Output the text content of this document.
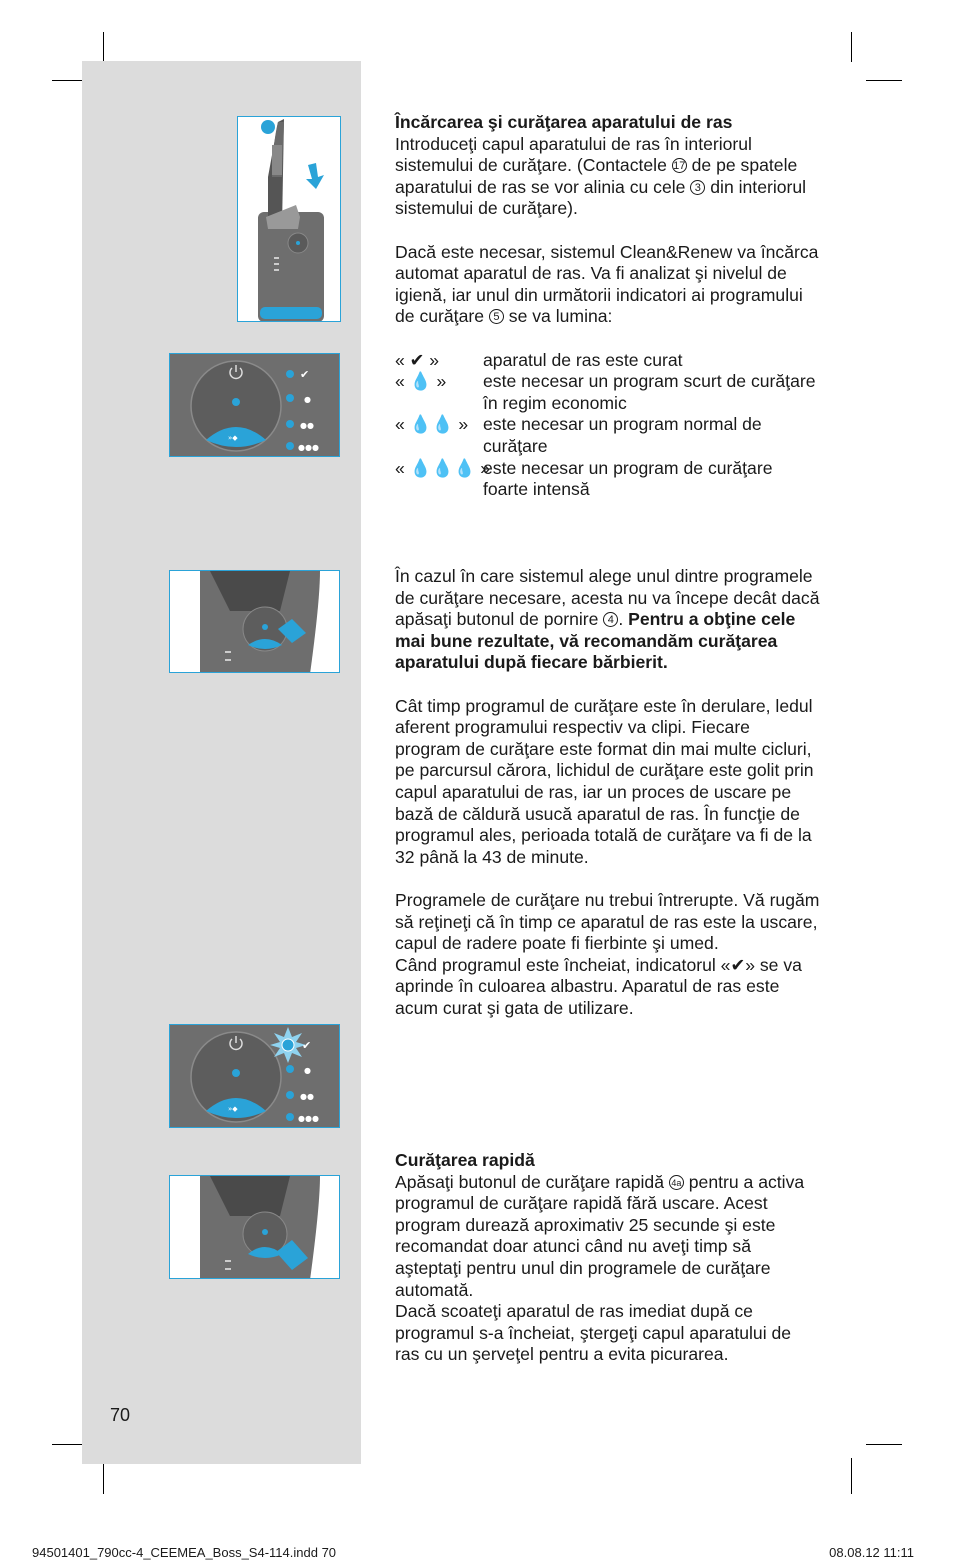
✔
●
●●
●●●
»◆
✔
●
●●
●●●
»◆

Încărcarea şi curăţarea aparatului de ras

Introduceţi capul aparatului de ras în interiorul sistemului de curăţare. (Contactele 17 de pe spatele aparatului de ras se vor alinia cu cele 3 din interiorul sistemului de curăţare).

Dacă este necesar, sistemul Clean&Renew va încărca automat aparatul de ras. Va fi analizat şi nivelul de igienă, iar unul din următorii indicatori ai programului de curăţare 5 se va lumina:

« ✔ » aparatul de ras este curat

« 💧 » este necesar un program scurt de curăţare în regim economic

« 💧💧 » este necesar un program normal de curăţare

« 💧💧💧 »
este necesar un program de curăţare foarte intensă

În cazul în care sistemul alege unul dintre programele de curăţare necesare, acesta nu va începe decât dacă apăsaţi butonul de pornire 4 . Pentru a obţine cele mai bune rezultate, vă recomandăm curăţarea aparatului după fiecare bărbierit.

Cât timp programul de curăţare este în derulare, ledul aferent programului respectiv va clipi. Fiecare program de curăţare este format din mai multe cicluri, pe parcursul cărora, lichidul de curăţare este golit prin capul aparatului de ras, iar un proces de uscare pe bază de căldură usucă aparatul de ras. În funcţie de programul ales, perioada totală de curăţare va fi de la 32 până la 43 de minute.

Programele de curăţare nu trebui întrerupte. Vă rugăm să reţineţi că în timp ce aparatul de ras este la uscare, capul de radere poate fi fierbinte şi umed.

Când programul este încheiat, indicatorul «✔» se va aprinde în culoarea albastru. Aparatul de ras este acum curat şi gata de utilizare.

Curăţarea rapidă

Apăsaţi butonul de curăţare rapidă 4a pentru a activa programul de curăţare rapidă fără uscare. Acest program durează aproximativ 25 secunde şi este recomandat doar atunci când nu aveţi timp să aşteptaţi pentru unul din programele de curăţare automată.

Dacă scoateţi aparatul de ras imediat după ce programul s-a încheiat, ştergeţi capul aparatului de ras cu un şerveţel pentru a evita picurarea.

70
94501401_790cc-4_CEEMEA_Boss_S4-114.indd 70	08.08.12 11:11
